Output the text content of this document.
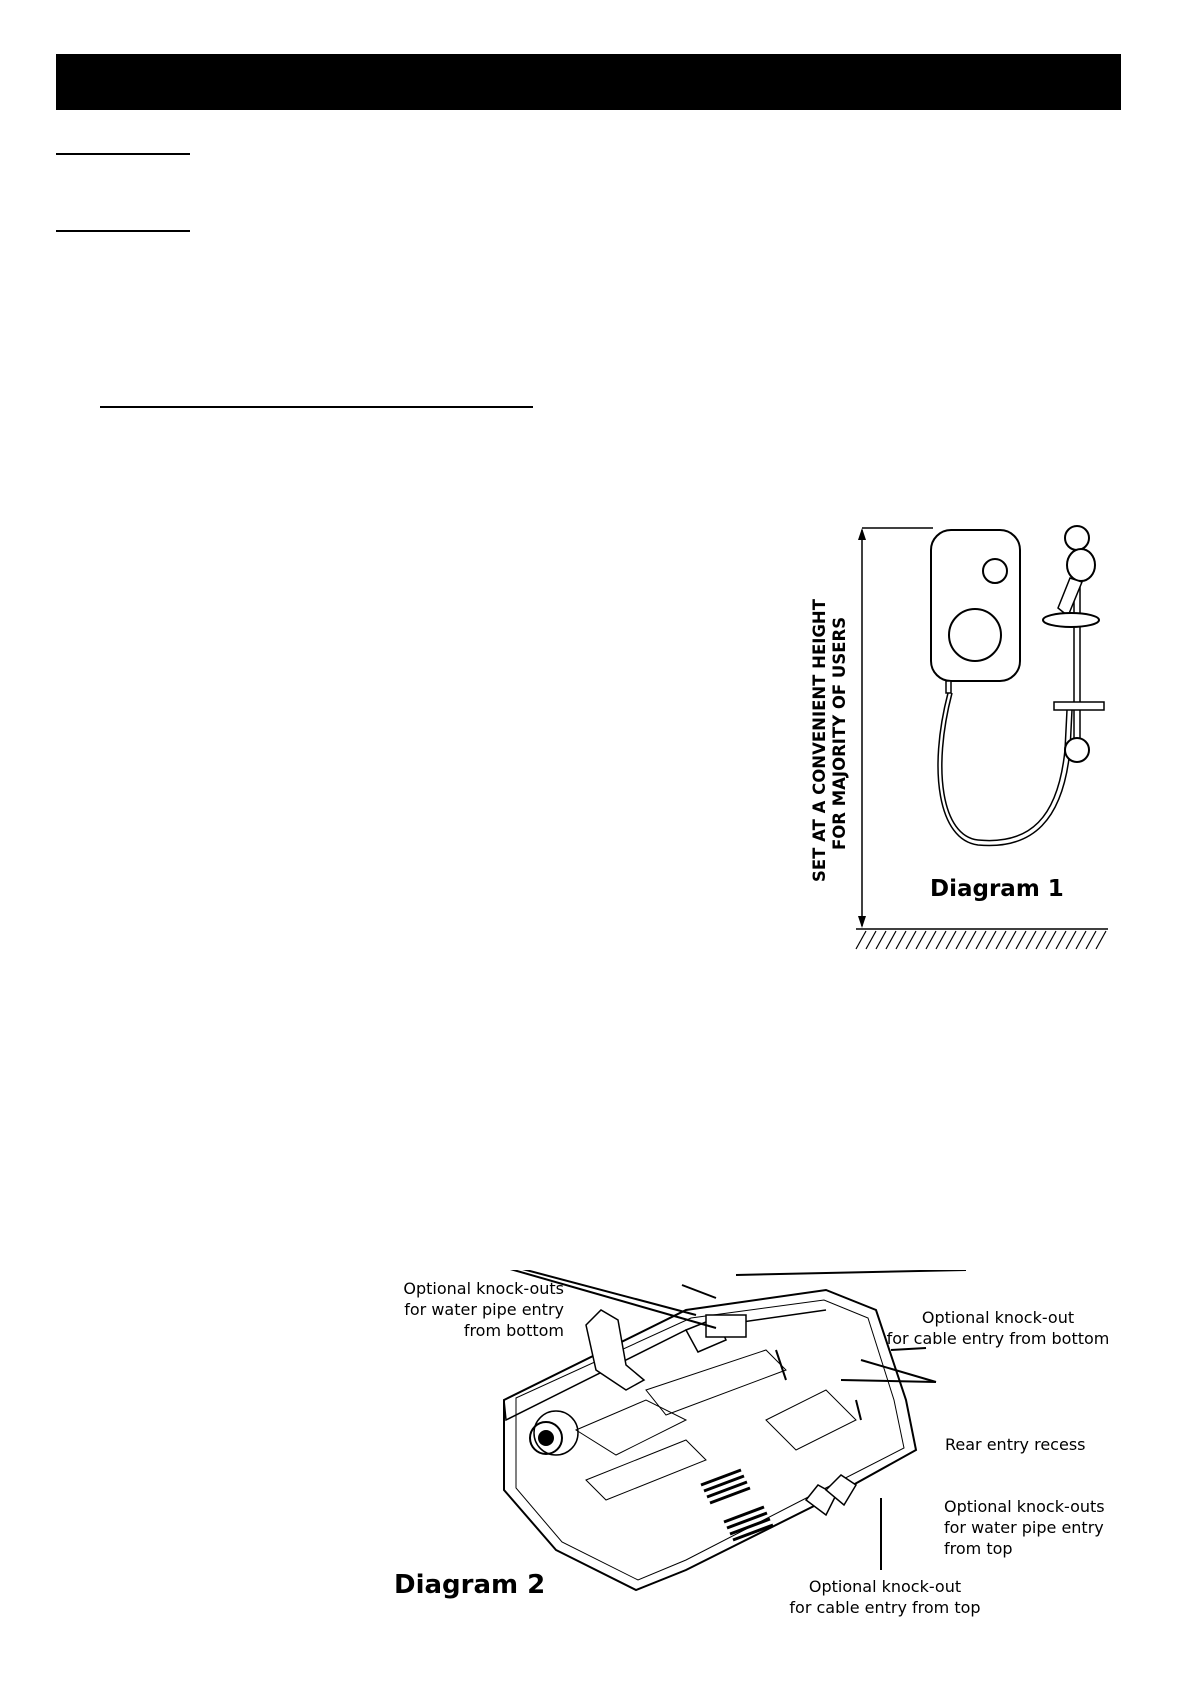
SET AT A CONVENIENT HEIGHT FOR MAJORITY OF USERS
Diagram 1
Optional knock-outs
for water pipe entry
from bottom
Optional knock-out
for cable entry from bottom
Rear entry recess
Optional knock-outs
for water pipe entry
from top
Optional knock-out
for cable entry from top
Diagram 2
